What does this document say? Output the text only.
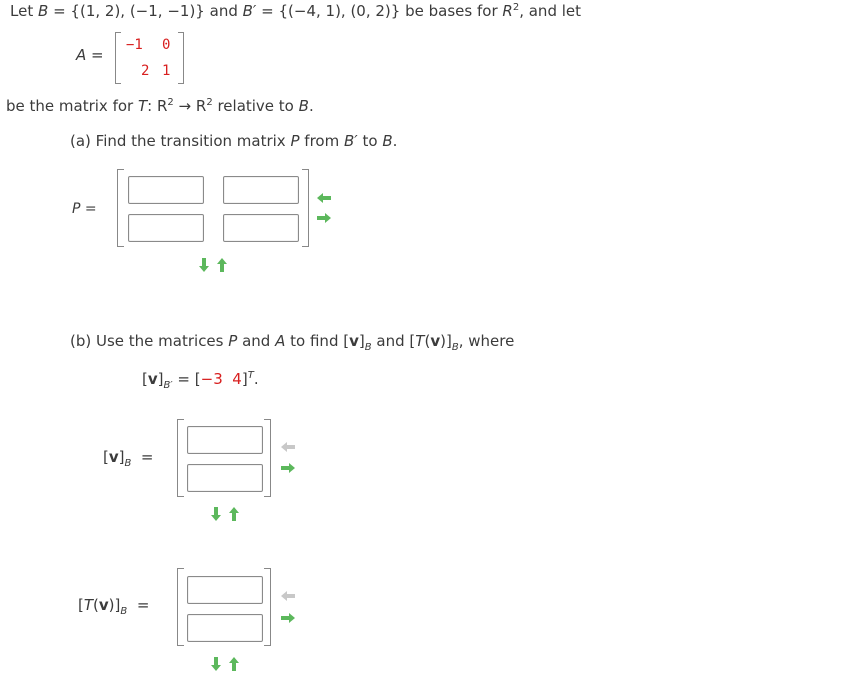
Let B = {(1, 2), (−1, −1)} and B′ = {(−4, 1), (0, 2)} be bases for $R^2$, and let
A =
−1 0
2 1
be the matrix for T: $R^2 \to R^2$ relative to B.
(a) Find the transition matrix P from B′ to B.
P =
(b) Use the matrices P and A to find $[v]_B$ and $[T(v)]_B$, where
$[v]_{B'} = [-3$ 4]$^T$.
$[v]_B$ =
$[T(v)]_B$ =
